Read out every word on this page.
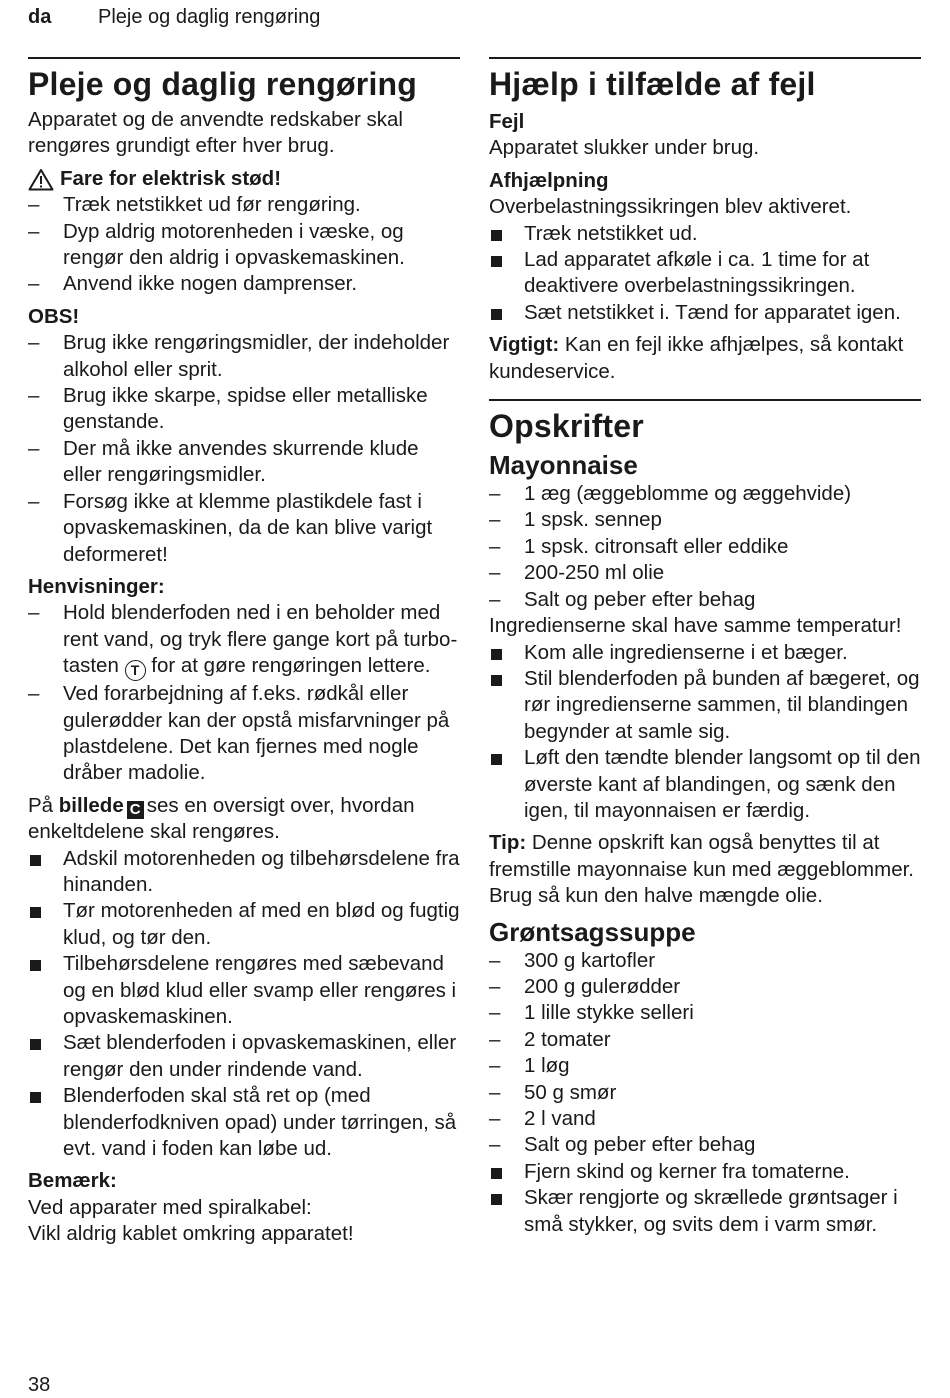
da Pleje og daglig rengøring
Pleje og daglig rengøring

Apparatet og de anvendte redskaber skal rengøres grundigt efter hver brug.

Fare for elektrisk stød!
– Træk netstikket ud før rengøring.
– Dyp aldrig motorenheden i væske, og rengør den aldrig i opvaskemaskinen.
– Anvend ikke nogen damprenser.

OBS!

– Brug ikke rengøringsmidler, der indeholder alkohol eller sprit.
– Brug ikke skarpe, spidse eller metalliske genstande.
– Der må ikke anvendes skurrende klude eller rengøringsmidler.
– Forsøg ikke at klemme plastikdele fast i opvaskemaskinen, da de kan blive varigt deformeret!

Henvisninger:

– Hold blenderfoden ned i en beholder med rent vand, og tryk flere gange kort på turbo-tasten T for at gøre rengøringen lettere.
– Ved forarbejdning af f.eks. rødkål eller gulerødder kan der opstå misfarvninger på plastdelene. Det kan fjernes med nogle dråber madolie.

På billede C ses en oversigt over, hvordan enkeltdelene skal rengøres.

Adskil motorenheden og tilbehørsdelene fra hinanden.
Tør motorenheden af med en blød og fugtig klud, og tør den.
Tilbehørsdelene rengøres med sæbevand og en blød klud eller svamp eller rengøres i opvaskemaskinen.
Sæt blenderfoden i opvaskemaskinen, eller rengør den under rindende vand.
Blenderfoden skal stå ret op (med blenderfodkniven opad) under tørringen, så evt. vand i foden kan løbe ud.

Bemærk:

Ved apparater med spiralkabel:

Vikl aldrig kablet omkring apparatet!

Hjælp i tilfælde af fejl

Fejl

Apparatet slukker under brug.

Afhjælpning

Overbelastningssikringen blev aktiveret.

Træk netstikket ud.
Lad apparatet afkøle i ca. 1 time for at deaktivere overbelastningssikringen.
Sæt netstikket i. Tænd for apparatet igen.

Vigtigt: Kan en fejl ikke afhjælpes, så kontakt kundeservice.

Opskrifter
Mayonnaise
– 1 æg (æggeblomme og æggehvide)
– 1 spsk. sennep
– 1 spsk. citronsaft eller eddike
– 200-250 ml olie
– Salt og peber efter behag

Ingredienserne skal have samme temperatur!

Kom alle ingredienserne i et bæger.
Stil blenderfoden på bunden af bægeret, og rør ingredienserne sammen, til blandingen begynder at samle sig.
Løft den tændte blender langsomt op til den øverste kant af blandingen, og sænk den igen, til mayonnaisen er færdig.

Tip: Denne opskrift kan også benyttes til at fremstille mayonnaise kun med æggeblommer. Brug så kun den halve mængde olie.

Grøntsagssuppe
– 300 g kartofler
– 200 g gulerødder
– 1 lille stykke selleri
– 2 tomater
– 1 løg
– 50 g smør
– 2 l vand
– Salt og peber efter behag
Fjern skind og kerner fra tomaterne.
Skær rengjorte og skrællede grøntsager i små stykker, og svits dem i varm smør.
38
